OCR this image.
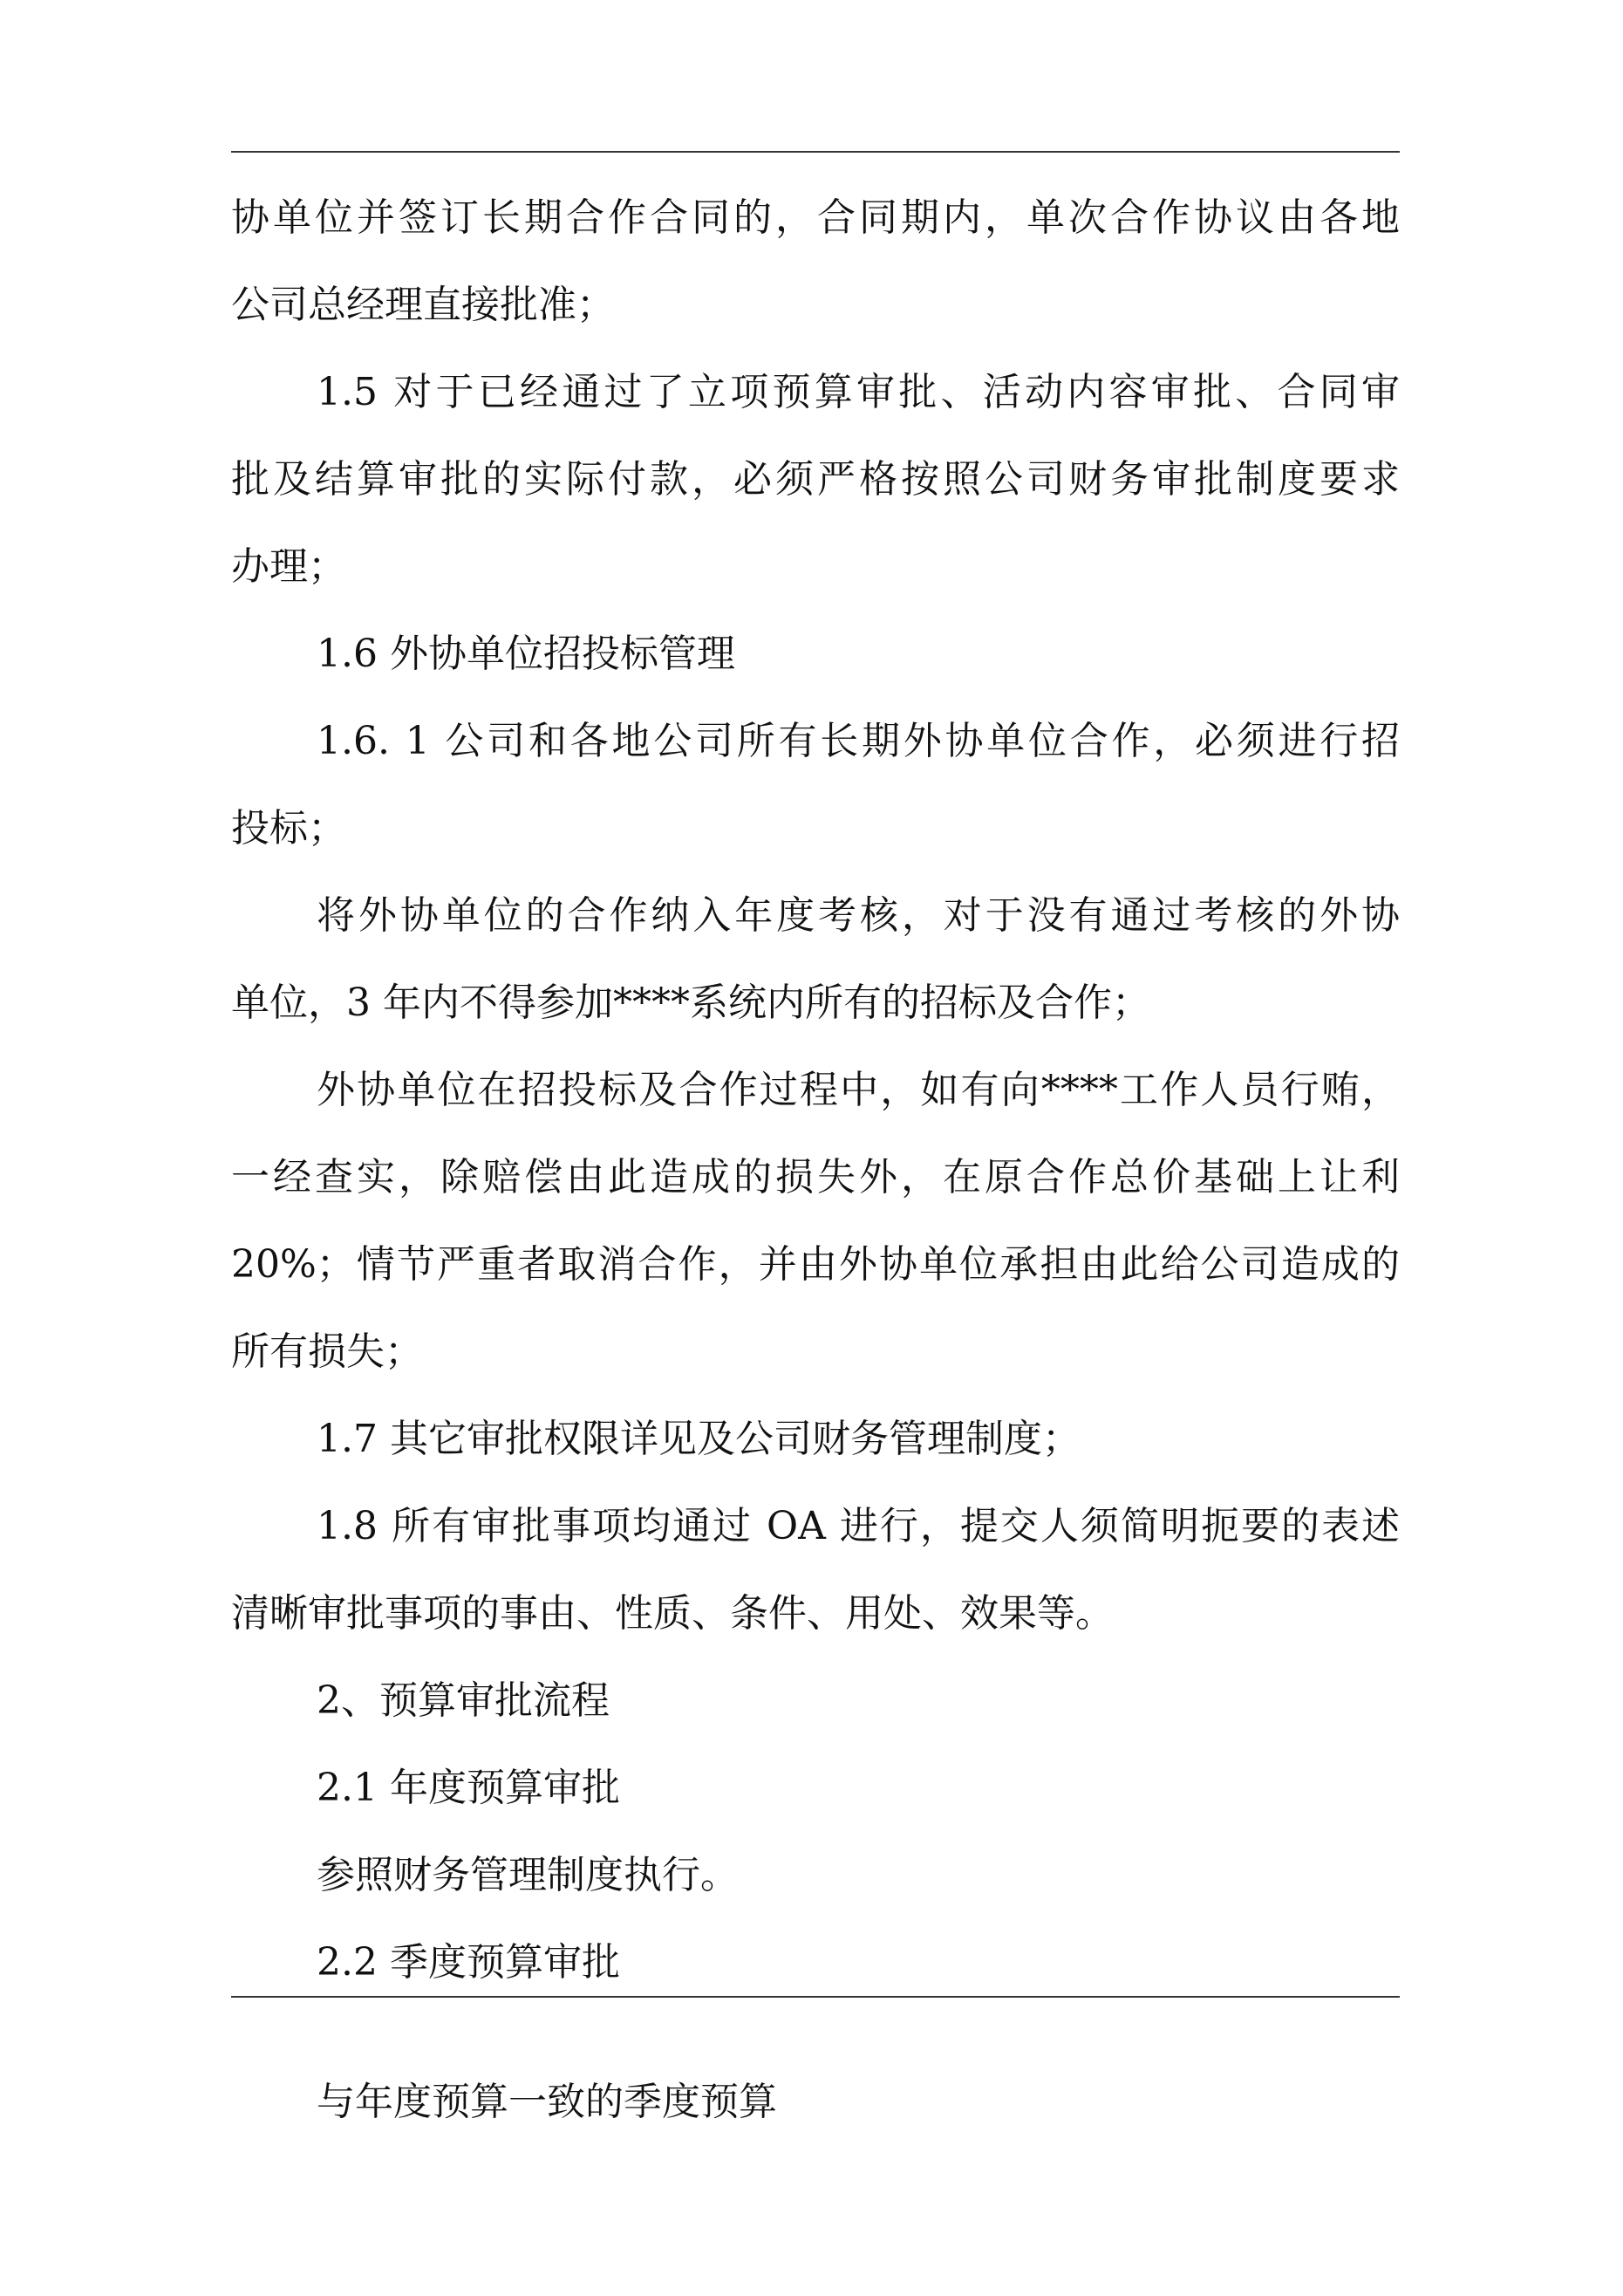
协单位并签订长期合作合同的，合同期内，单次合作协议由各地
公司总经理直接批准；
1.5 对于已经通过了立项预算审批、活动内容审批、合同审
批及结算审批的实际付款，必须严格按照公司财务审批制度要求
办理；
1.6 外协单位招投标管理
1.6. 1 公司和各地公司所有长期外协单位合作，必须进行招
投标；
将外协单位的合作纳入年度考核，对于没有通过考核的外协
单位，3 年内不得参加****系统内所有的招标及合作；
外协单位在招投标及合作过程中，如有向****工作人员行贿，
一经查实，除赔偿由此造成的损失外，在原合作总价基础上让利
20%；情节严重者取消合作，并由外协单位承担由此给公司造成的
所有损失；
1.7 其它审批权限详见及公司财务管理制度；
1.8 所有审批事项均通过 OA 进行，提交人须简明扼要的表述
清晰审批事项的事由、性质、条件、用处、效果等。
2、预算审批流程
2.1 年度预算审批
参照财务管理制度执行。
2.2 季度预算审批
与年度预算一致的季度预算
